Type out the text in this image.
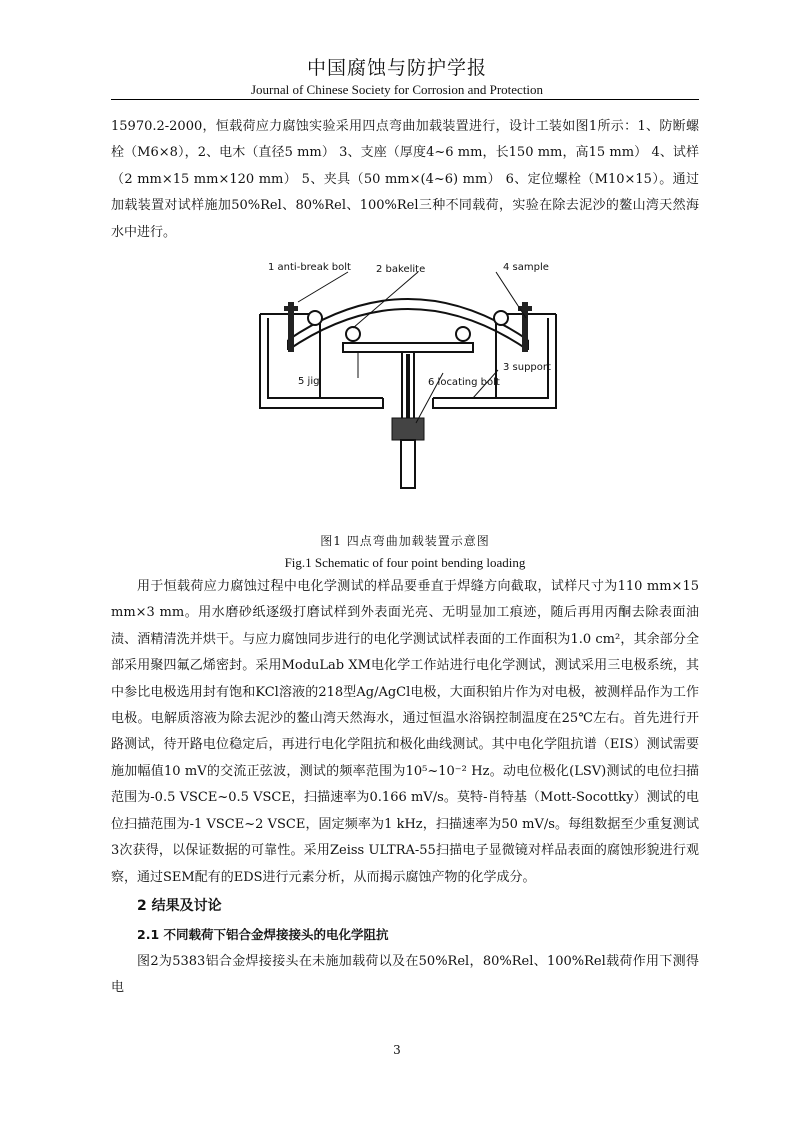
中国腐蚀与防护学报
Journal of Chinese Society for Corrosion and Protection

15970.2-2000，恒载荷应力腐蚀实验采用四点弯曲加载装置进行，设计工装如图1所示：1、防断螺栓（M6×8），2、电木（直径5 mm） 3、支座（厚度4~6 mm，长150 mm，高15 mm） 4、试样（2 mm×15 mm×120 mm） 5、夹具（50 mm×(4~6) mm） 6、定位螺栓（M10×15）。通过加载装置对试样施加50%Rel、80%Rel、100%Rel三种不同载荷，实验在除去泥沙的鳌山湾天然海水中进行。

1 anti-break bolt	2 bakelite	4 sample
3 support
5 jig	6 locating bolt
图1 四点弯曲加载装置示意图
Fig.1 Schematic of four point bending loading

用于恒载荷应力腐蚀过程中电化学测试的样品要垂直于焊缝方向截取，试样尺寸为110 mm×15 mm×3 mm。用水磨砂纸逐级打磨试样到外表面光亮、无明显加工痕迹，随后再用丙酮去除表面油渍、酒精清洗并烘干。与应力腐蚀同步进行的电化学测试试样表面的工作面积为1.0 cm²，其余部分全部采用聚四氟乙烯密封。采用ModuLab XM电化学工作站进行电化学测试，测试采用三电极系统，其中参比电极选用封有饱和KCl溶液的218型Ag/AgCl电极，大面积铂片作为对电极，被测样品作为工作电极。电解质溶液为除去泥沙的鳌山湾天然海水，通过恒温水浴锅控制温度在25℃左右。首先进行开路测试，待开路电位稳定后，再进行电化学阻抗和极化曲线测试。其中电化学阻抗谱（EIS）测试需要施加幅值10 mV的交流正弦波，测试的频率范围为10⁵~10⁻² Hz。动电位极化(LSV)测试的电位扫描范围为-0.5 VSCE~0.5 VSCE，扫描速率为0.166 mV/s。莫特-肖特基（Mott-Socottky）测试的电位扫描范围为-1 VSCE~2 VSCE，固定频率为1 kHz，扫描速率为50 mV/s。每组数据至少重复测试3次获得，以保证数据的可靠性。采用Zeiss ULTRA-55扫描电子显微镜对样品表面的腐蚀形貌进行观察，通过SEM配有的EDS进行元素分析，从而揭示腐蚀产物的化学成分。

2 结果及讨论
2.1 不同载荷下铝合金焊接接头的电化学阻抗

图2为5383铝合金焊接接头在未施加载荷以及在50%Rel，80%Rel、100%Rel载荷作用下测得电

3
